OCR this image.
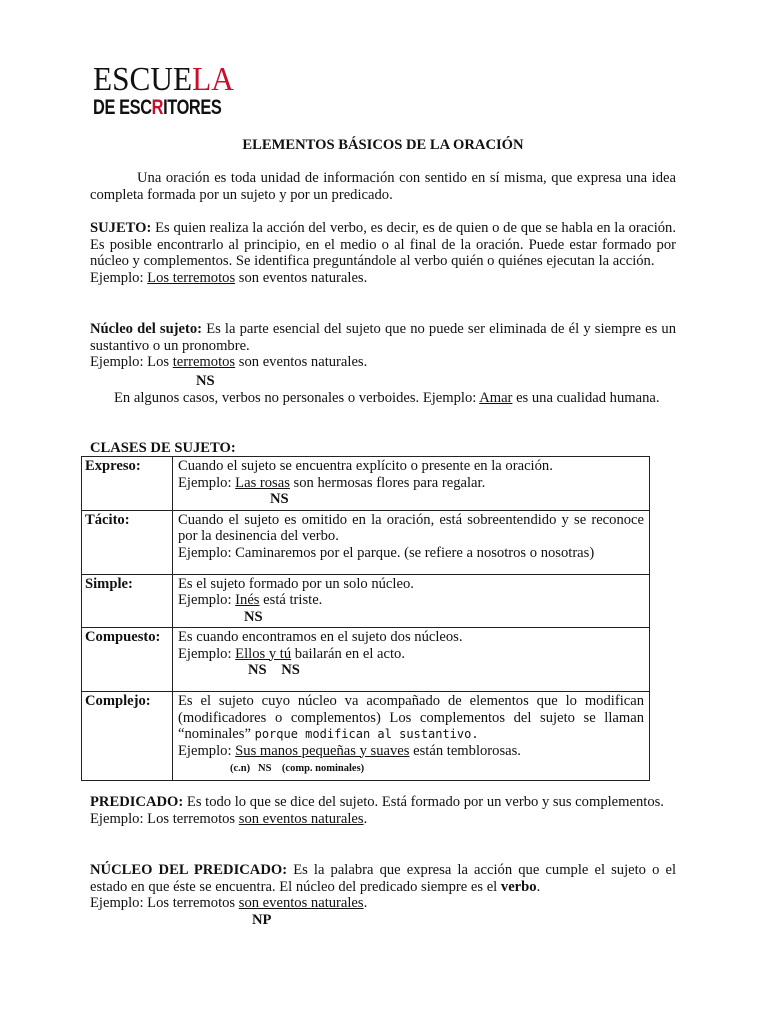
ESCUELA
DE ESCRITORES
ELEMENTOS BÁSICOS DE LA ORACIÓN
Una oración es toda unidad de información con sentido en sí misma, que expresa una idea completa formada por un sujeto y por un predicado.
SUJETO: Es quien realiza la acción del verbo, es decir, es de quien o de que se habla en la oración. Es posible encontrarlo al principio, en el medio o al final de la oración. Puede estar formado por núcleo y complementos. Se identifica preguntándole al verbo quién o quiénes ejecutan la acción.
Ejemplo: Los terremotos son eventos naturales.
Núcleo del sujeto: Es la parte esencial del sujeto que no puede ser eliminada de él y siempre es un sustantivo o un pronombre.
Ejemplo: Los terremotos son eventos naturales.
NS
En algunos casos, verbos no personales o verboides. Ejemplo: Amar es una cualidad humana.
CLASES DE SUJETO:
Expreso:	Cuando el sujeto se encuentra explícito o presente en la oración.
Ejemplo: Las rosas son hermosas flores para regalar.
NS
Tácito:	Cuando el sujeto es omitido en la oración, está sobreentendido y se reconoce por la desinencia del verbo.
Ejemplo: Caminaremos por el parque. (se refiere a nosotros o nosotras)
Simple:	Es el sujeto formado por un solo núcleo.
Ejemplo: Inés está triste.
NS
Compuesto:	Es cuando encontramos en el sujeto dos núcleos.
Ejemplo: Ellos y tú bailarán en el acto.
NS    NS
Complejo:	Es el sujeto cuyo núcleo va acompañado de elementos que lo modifican (modificadores o complementos) Los complementos del sujeto se llaman “nominales” porque modifican al sustantivo.
Ejemplo: Sus manos pequeñas y suaves están temblorosas.
(c.n)   NS    (comp. nominales)
PREDICADO: Es todo lo que se dice del sujeto. Está formado por un verbo y sus complementos.
Ejemplo: Los terremotos son eventos naturales.
NÚCLEO DEL PREDICADO: Es la palabra que expresa la acción que cumple el sujeto o el estado en que éste se encuentra. El núcleo del predicado siempre es el verbo.
Ejemplo: Los terremotos son eventos naturales.
NP
